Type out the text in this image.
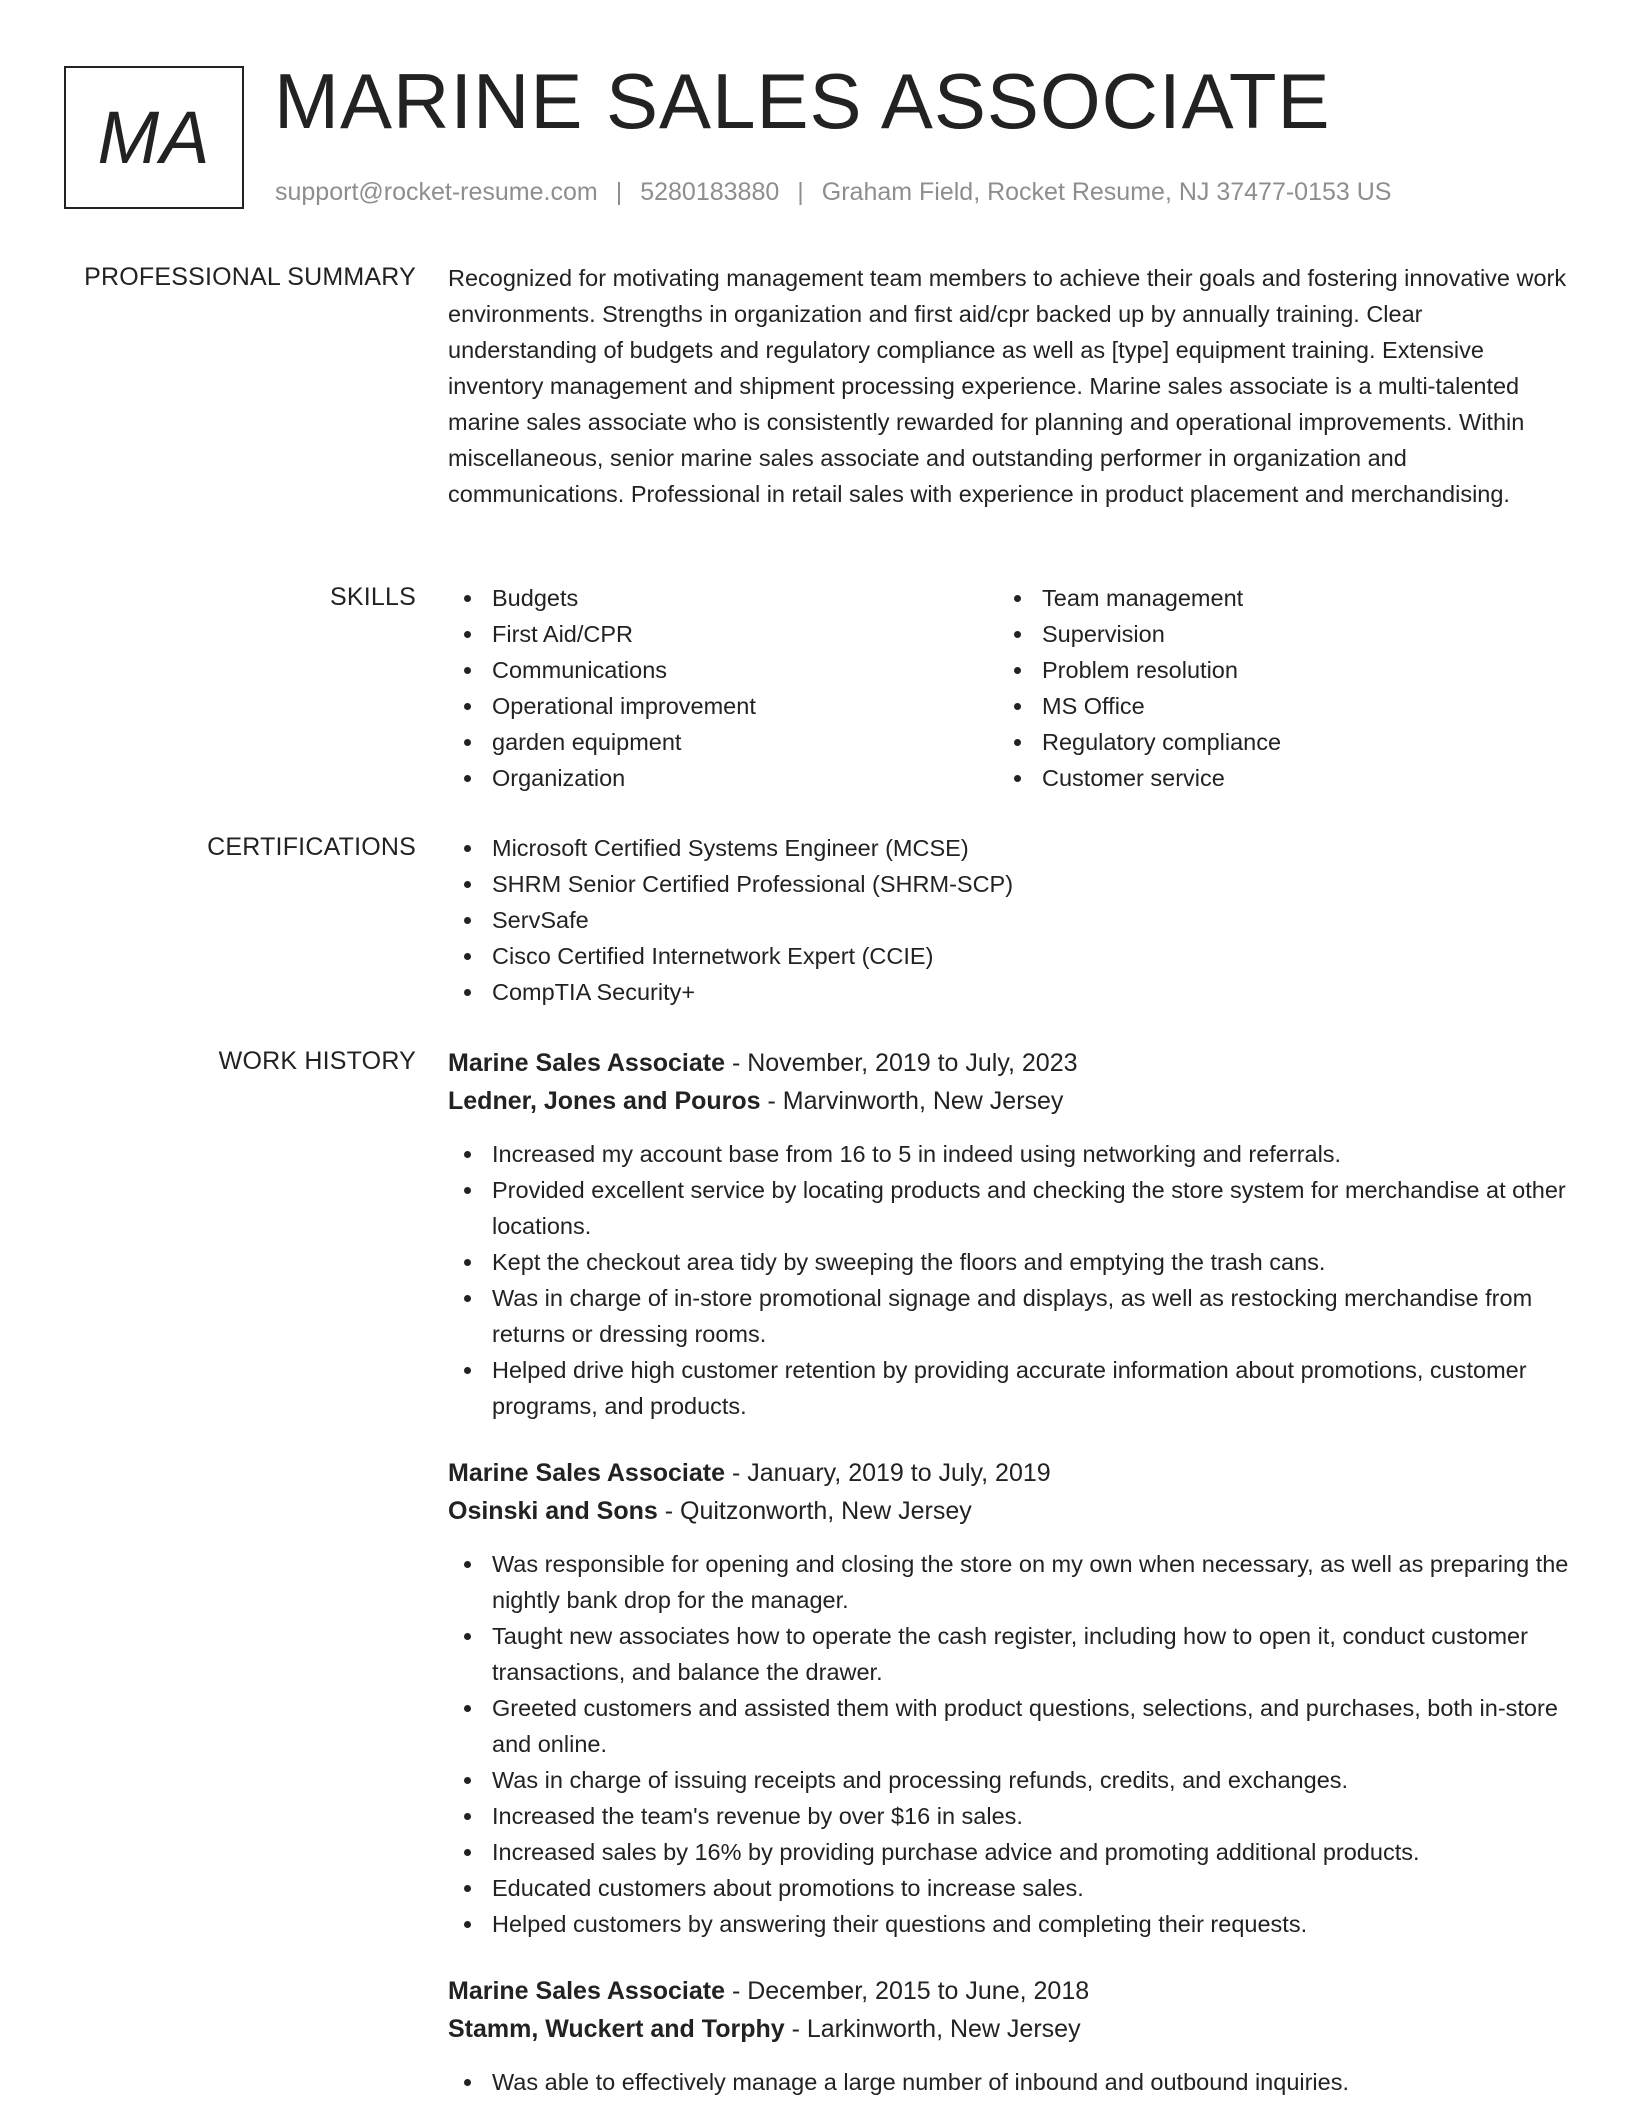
MA MARINE SALES ASSOCIATE
support@rocket-resume.com | 5280183880 | Graham Field, Rocket Resume, NJ 37477-0153 US
PROFESSIONAL SUMMARY Recognized for motivating management team members to achieve their goals and fostering innovative work environments. Strengths in organization and first aid/cpr backed up by annually training. Clear understanding of budgets and regulatory compliance as well as [type] equipment training. Extensive inventory management and shipment processing experience. Marine sales associate is a multi-talented marine sales associate who is consistently rewarded for planning and operational improvements. Within miscellaneous, senior marine sales associate and outstanding performer in organization and communications. Professional in retail sales with experience in product placement and merchandising.
SKILLS	Budgets
First Aid/CPR
Communications
Operational improvement
garden equipment
Organization
Team management
Supervision
Problem resolution
MS Office
Regulatory compliance
Customer service
CERTIFICATIONS	Microsoft Certified Systems Engineer (MCSE)
SHRM Senior Certified Professional (SHRM-SCP)
ServSafe
Cisco Certified Internetwork Expert (CCIE)
CompTIA Security+
WORK HISTORY Marine Sales Associate - November, 2019 to July, 2023
Ledner, Jones and Pouros - Marvinworth, New Jersey
Increased my account base from 16 to 5 in indeed using networking and referrals.
Provided excellent service by locating products and checking the store system for merchandise at other locations.
Kept the checkout area tidy by sweeping the floors and emptying the trash cans.
Was in charge of in-store promotional signage and displays, as well as restocking merchandise from returns or dressing rooms.
Helped drive high customer retention by providing accurate information about promotions, customer programs, and products.
Marine Sales Associate - January, 2019 to July, 2019
Osinski and Sons - Quitzonworth, New Jersey
Was responsible for opening and closing the store on my own when necessary, as well as preparing the nightly bank drop for the manager.
Taught new associates how to operate the cash register, including how to open it, conduct customer transactions, and balance the drawer.
Greeted customers and assisted them with product questions, selections, and purchases, both in-store and online.
Was in charge of issuing receipts and processing refunds, credits, and exchanges.
Increased the team's revenue by over $16 in sales.
Increased sales by 16% by providing purchase advice and promoting additional products.
Educated customers about promotions to increase sales.
Helped customers by answering their questions and completing their requests.
Marine Sales Associate - December, 2015 to June, 2018
Stamm, Wuckert and Torphy - Larkinworth, New Jersey
Was able to effectively manage a large number of inbound and outbound inquiries.
